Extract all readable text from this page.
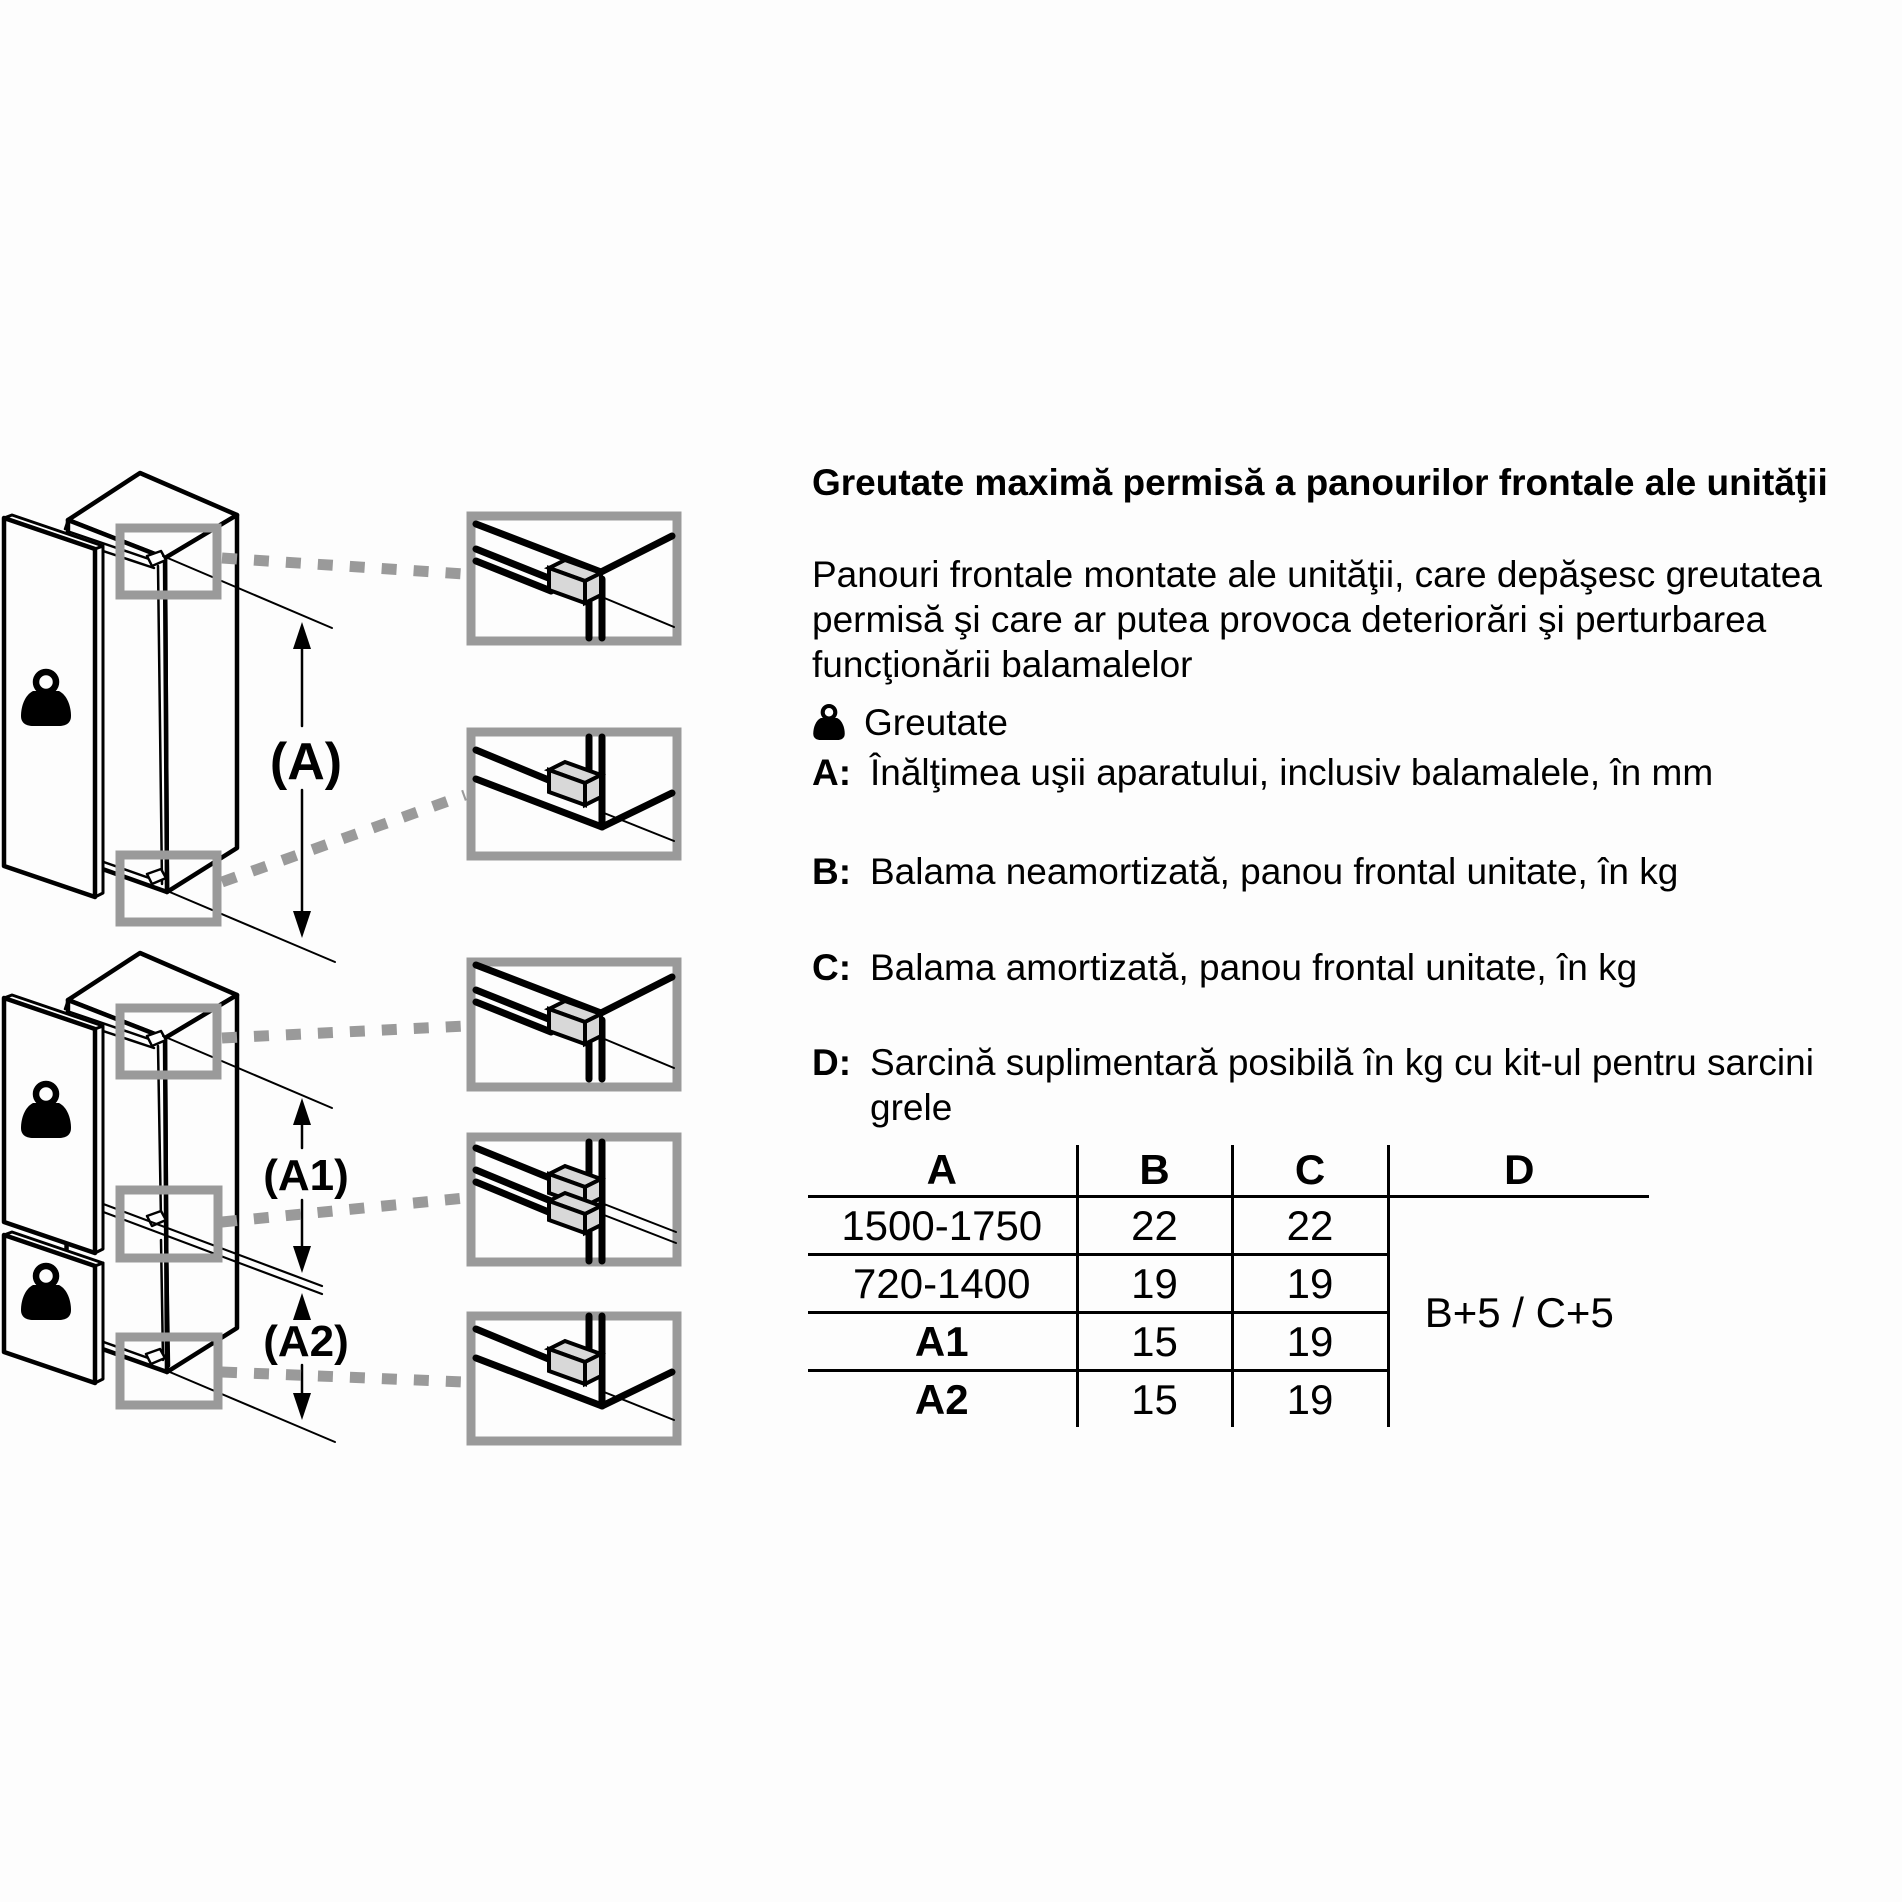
(A)
(A1)
(A2)
Greutate maximă permisă a panourilor frontale ale unităţii
Panouri frontale montate ale unităţii, care depăşesc greutatea permisă şi care ar putea provoca deteriorări şi perturbarea funcţionării balamalelor
Greutate
A: Înălţimea uşii aparatului, inclusiv balamalele, în mm
B: Balama neamortizată, panou frontal unitate, în kg
C: Balama amortizată, panou frontal unitate, în kg
D: Sarcină suplimentară posibilă în kg cu kit-ul pentru sarcini grele
A	B	C	D
1500-1750	22	22	B+5 / C+5
720-1400	19	19	
A1	15	19	
A2	15	19	
